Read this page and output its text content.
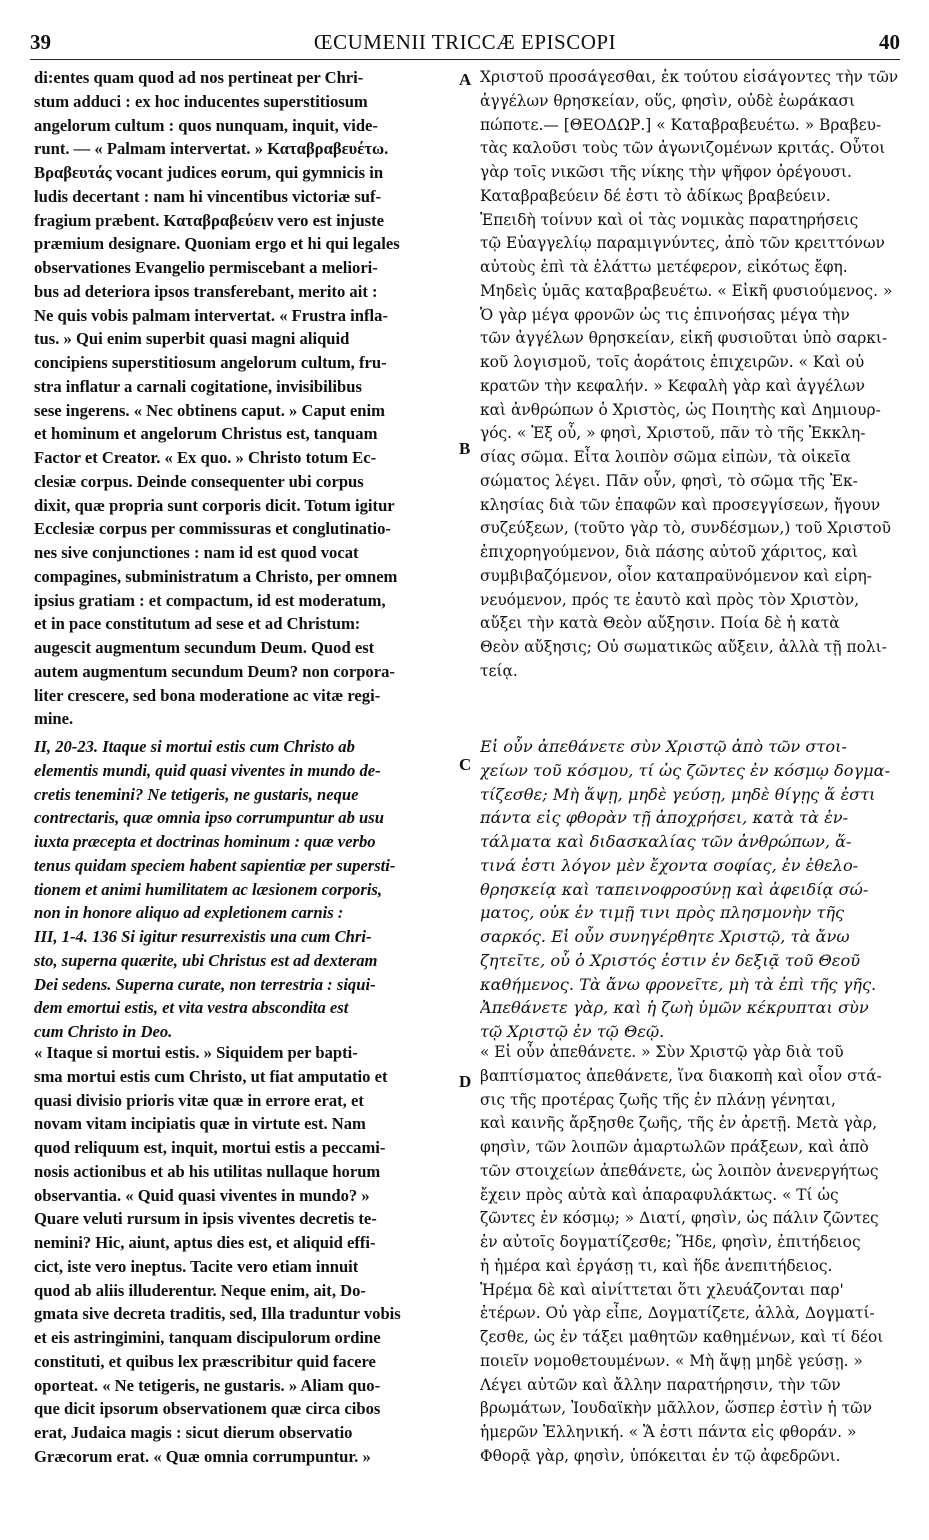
39	ŒCUMENII TRICCÆ EPISCOPI	40
A
B
C
D
di:entes quam quod ad nos pertineat per Chri-
stum adduci : ex hoc inducentes superstitiosum
angelorum cultum : quos nunquam, inquit, vide-
runt. — « Palmam intervertat. » Καταβραβευέτω.
Βραβευτάς vocant judices eorum, qui gymnicis in
ludis decertant : nam hi vincentibus victoriæ suf-
fragium præbent. Καταβραβεύειν vero est injuste
præmium designare. Quoniam ergo et hi qui legales
observationes Evangelio permiscebant a meliori-
bus ad deteriora ipsos transferebant, merito ait :
Ne quis vobis palmam intervertat. « Frustra infla-
tus. » Qui enim superbit quasi magni aliquid
concipiens superstitiosum angelorum cultum, fru-
stra inflatur a carnali cogitatione, invisibilibus
sese ingerens. « Nec obtinens caput. » Caput enim
et hominum et angelorum Christus est, tanquam
Factor et Creator. « Ex quo. » Christo totum Ec-
clesiæ corpus. Deinde consequenter ubi corpus
dixit, quæ propria sunt corporis dicit. Totum igitur
Ecclesiæ corpus per commissuras et conglutinatio-
nes sive conjunctiones : nam id est quod vocat
compagines, subministratum a Christo, per omnem
ipsius gratiam : et compactum, id est moderatum,
et in pace constitutum ad sese et ad Christum:
augescit augmentum secundum Deum. Quod est
autem augmentum secundum Deum? non corpora-
liter crescere, sed bona moderatione ac vitæ regi-
mine.
Χριστοῦ προσάγεσθαι, ἐκ τούτου εἰσάγοντες τὴν τῶν
ἀγγέλων θρησκείαν, οὕς, φησὶν, οὐδὲ ἑωράκασι
πώποτε.— [ΘΕΟΔΩΡ.] « Καταβραβευέτω. » Βραβευ-
τὰς καλοῦσι τοὺς τῶν ἀγωνιζομένων κριτάς. Οὗτοι
γὰρ τοῖς νικῶσι τῆς νίκης τὴν ψῆφον ὀρέγουσι.
Καταβραβεύειν δέ ἐστι τὸ ἀδίκως βραβεύειν.
Ἐπειδὴ τοίνυν καὶ οἱ τὰς νομικὰς παρατηρήσεις
τῷ Εὐαγγελίῳ παραμιγνύντες, ἀπὸ τῶν κρειττόνων
αὐτοὺς ἐπὶ τὰ ἐλάττω μετέφερον, εἰκότως ἔφη.
Μηδεὶς ὑμᾶς καταβραβευέτω. « Εἰκῆ φυσιούμενος. »
Ὁ γὰρ μέγα φρονῶν ὡς τις ἐπινοήσας μέγα τὴν
τῶν ἀγγέλων θρησκείαν, εἰκῆ φυσιοῦται ὑπὸ σαρκι-
κοῦ λογισμοῦ, τοῖς ἀοράτοις ἐπιχειρῶν. « Καὶ οὐ
κρατῶν τὴν κεφαλήν. » Κεφαλὴ γὰρ καὶ ἀγγέλων
καὶ ἀνθρώπων ὁ Χριστὸς, ὡς Ποιητὴς καὶ Δημιουρ-
γός. « Ἐξ οὗ, » φησὶ, Χριστοῦ, πᾶν τὸ τῆς Ἐκκλη-
σίας σῶμα. Εἶτα λοιπὸν σῶμα εἰπὼν, τὰ οἰκεῖα
σώματος λέγει. Πᾶν οὖν, φησὶ, τὸ σῶμα τῆς Ἐκ-
κλησίας διὰ τῶν ἐπαφῶν καὶ προσεγγίσεων, ἤγουν
συζεύξεων, (τοῦτο γὰρ τὸ, συνδέσμων,) τοῦ Χριστοῦ
ἐπιχορηγούμενον, διὰ πάσης αὐτοῦ χάριτος, καὶ
συμβιβαζόμενον, οἷον καταπραϋνόμενον καὶ εἰρη-
νευόμενον, πρός τε ἑαυτὸ καὶ πρὸς τὸν Χριστὸν,
αὔξει τὴν κατὰ Θεὸν αὔξησιν. Ποία δὲ ἡ κατὰ
Θεὸν αὔξησις; Οὐ σωματικῶς αὔξειν, ἀλλὰ τῇ πολι-
τείᾳ.
II, 20-23. Itaque si mortui estis cum Christo ab
elementis mundi, quid quasi viventes in mundo de-
cretis tenemini? Ne tetigeris, ne gustaris, neque
contrectaris, quæ omnia ipso corrumpuntur ab usu
iuxta præcepta et doctrinas hominum : quæ verbo
tenus quidam speciem habent sapientiæ per supersti-
tionem et animi humilitatem ac læsionem corporis,
non in honore aliquo ad expletionem carnis :
III, 1-4. 136 Si igitur resurrexistis una cum Chri-
sto, superna quærite, ubi Christus est ad dexteram
Dei sedens. Superna curate, non terrestria : siqui-
dem emortui estis, et vita vestra abscondita est
cum Christo in Deo.
Εἰ οὖν ἀπεθάνετε σὺν Χριστῷ ἀπὸ τῶν στοι-
χείων τοῦ κόσμου, τί ὡς ζῶντες ἐν κόσμῳ δογμα-
τίζεσθε; Μὴ ἅψῃ, μηδὲ γεύσῃ, μηδὲ θίγῃς ἅ ἐστι
πάντα εἰς φθορὰν τῇ ἀποχρήσει, κατὰ τὰ ἐν-
τάλματα καὶ διδασκαλίας τῶν ἀνθρώπων, ἅ-
τινά ἐστι λόγον μὲν ἔχοντα σοφίας, ἐν ἐθελο-
θρησκείᾳ καὶ ταπεινοφροσύνῃ καὶ ἀφειδίᾳ σώ-
ματος, οὐκ ἐν τιμῇ τινι πρὸς πλησμονὴν τῆς
σαρκός. Εἰ οὖν συνηγέρθητε Χριστῷ, τὰ ἄνω
ζητεῖτε, οὗ ὁ Χριστός ἐστιν ἐν δεξιᾷ τοῦ Θεοῦ
καθήμενος. Τὰ ἄνω φρονεῖτε, μὴ τὰ ἐπὶ τῆς γῆς.
Ἀπεθάνετε γὰρ, καὶ ἡ ζωὴ ὑμῶν κέκρυπται σὺν
τῷ Χριστῷ ἐν τῷ Θεῷ.
« Itaque si mortui estis. » Siquidem per bapti-
sma mortui estis cum Christo, ut fiat amputatio et
quasi divisio prioris vitæ quæ in errore erat, et
novam vitam incipiatis quæ in virtute est. Nam
quod reliquum est, inquit, mortui estis a peccami-
nosis actionibus et ab his utilitas nullaque horum
observantia. « Quid quasi viventes in mundo? »
Quare veluti rursum in ipsis viventes decretis te-
nemini? Hic, aiunt, aptus dies est, et aliquid effi-
cict, iste vero ineptus. Tacite vero etiam innuit
quod ab aliis illuderentur. Neque enim, ait, Do-
gmata sive decreta traditis, sed, Illa traduntur vobis
et eis astringimini, tanquam discipulorum ordine
constituti, et quibus lex præscribitur quid facere
oporteat. « Ne tetigeris, ne gustaris. » Aliam quo-
que dicit ipsorum observationem quæ circa cibos
erat, Judaica magis : sicut dierum observatio
Græcorum erat. « Quæ omnia corrumpuntur. »
« Εἰ οὖν ἀπεθάνετε. » Σὺν Χριστῷ γὰρ διὰ τοῦ
βαπτίσματος ἀπεθάνετε, ἵνα διακοπὴ καὶ οἷον στά-
σις τῆς προτέρας ζωῆς τῆς ἐν πλάνῃ γένηται,
καὶ καινῆς ἄρξησθε ζωῆς, τῆς ἐν ἀρετῇ. Μετὰ γὰρ,
φησὶν, τῶν λοιπῶν ἁμαρτωλῶν πράξεων, καὶ ἀπὸ
τῶν στοιχείων ἀπεθάνετε, ὡς λοιπὸν ἀνενεργήτως
ἔχειν πρὸς αὐτὰ καὶ ἀπαραφυλάκτως. « Τί ὡς
ζῶντες ἐν κόσμῳ; » Διατί, φησὶν, ὡς πάλιν ζῶντες
ἐν αὐτοῖς δογματίζεσθε; Ἥδε, φησὶν, ἐπιτήδειος
ἡ ἡμέρα καὶ ἐργάσῃ τι, καὶ ἥδε ἀνεπιτήδειος.
Ἠρέμα δὲ καὶ αἰνίττεται ὅτι χλευάζονται παρ'
ἑτέρων. Οὐ γὰρ εἶπε, Δογματίζετε, ἀλλὰ, Δογματί-
ζεσθε, ὡς ἐν τάξει μαθητῶν καθημένων, καὶ τί δέοι
ποιεῖν νομοθετουμένων. « Μὴ ἅψῃ μηδὲ γεύσῃ. »
Λέγει αὐτῶν καὶ ἄλλην παρατήρησιν, τὴν τῶν
βρωμάτων, Ἰουδαϊκὴν μᾶλλον, ὥσπερ ἐστὶν ἡ τῶν
ἡμερῶν Ἑλληνική. « Ἅ ἐστι πάντα εἰς φθοράν. »
Φθορᾷ γὰρ, φησὶν, ὑπόκειται ἐν τῷ ἀφεδρῶνι.
